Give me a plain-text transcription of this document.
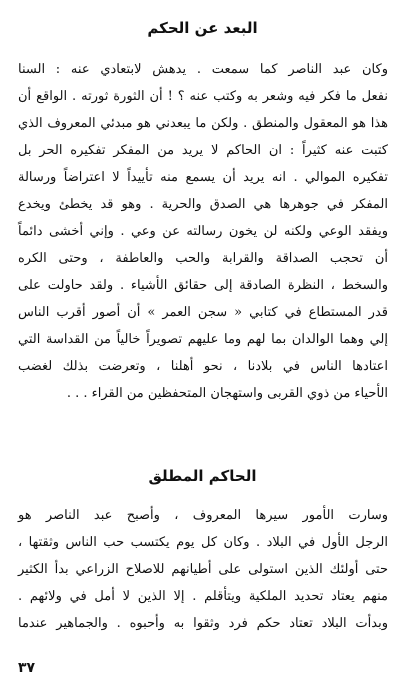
البعد عن الحكم
وكان عبد الناصر كما سمعت . يدهش لابتعادي عنه : السنا
نفعل ما فكر فيه وشعر به وكتب عنه ؟ ! أن الثورة ثورته . الواقع أن
هذا هو المعقول والمنطق . ولكن ما يبعدني هو مبدئي المعروف الذي
كتبت عنه كثيراً : ان الحاكم لا يريد من المفكر تفكيره الحر بل
تفكيره الموالي . انه يريد أن يسمع منه تأييداً لا اعتراضاً ورسالة
المفكر في جوهرها هي الصدق والحرية . وهو قد يخطئ ويخدع
ويفقد الوعي ولكنه لن يخون رسالته عن وعي . وإني أخشى دائماً
أن تحجب الصداقة والقرابة والحب والعاطفة ، وحتى الكره
والسخط ، النظرة الصادقة إلى حقائق الأشياء . ولقد حاولت على
قدر المستطاع في كتابي « سجن العمر » أن أصور أقرب الناس
إلي وهما الوالدان بما لهم وما عليهم تصويراً خالياً من القداسة التي
اعتادها الناس في بلادنا ، نحو أهلنا ، وتعرضت بذلك لغضب
الأحياء من ذوي القربى واستهجان المتحفظين من القراء . . .
الحاكم المطلق
وسارت الأمور سيرها المعروف ، وأصبح عبد الناصر هو
الرجل الأول في البلاد . وكان كل يوم يكتسب حب الناس وثقتها ،
حتى أولئك الذين استولى على أطيانهم للاصلاح الزراعي بدأ الكثير
منهم يعتاد تحديد الملكية ويتأقلم . إلا الذين لا أمل في ولائهم .
وبدأت البلاد تعتاد حكم فرد وثقوا به وأحبوه . والجماهير عندما
٣٧
